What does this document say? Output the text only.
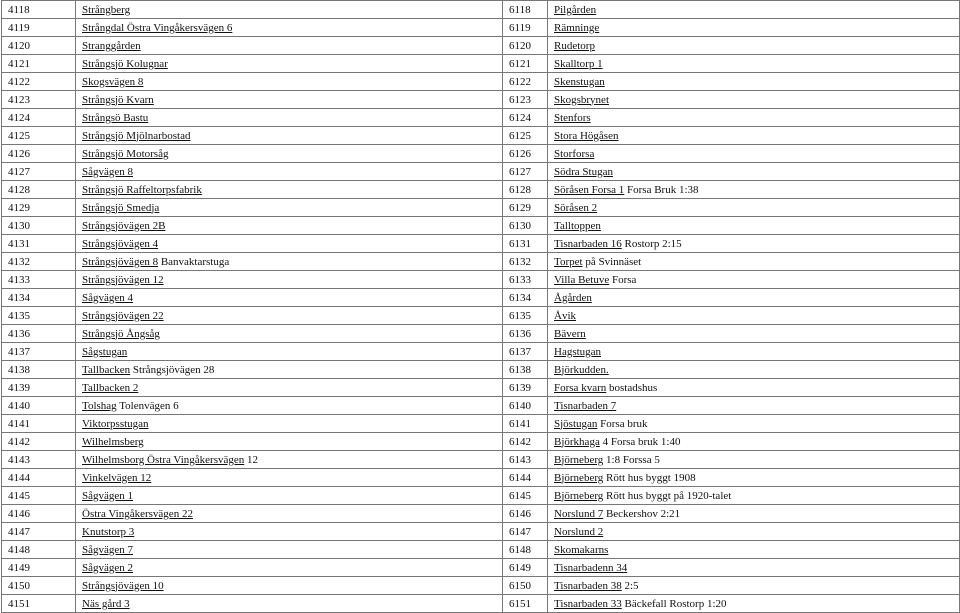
4118	Strångberg	6118	Pilgården
4119	Strångdal Östra Vingåkersvägen 6	6119	Rämninge
4120	Stranggården	6120	Rudetorp
4121	Strångsjö Kolugnar	6121	Skalltorp 1
4122	Skogsvägen 8	6122	Skenstugan
4123	Strångsjö Kvarn	6123	Skogsbrynet
4124	Strångsö Bastu	6124	Stenfors
4125	Strångsjö Mjölnarbostad	6125	Stora Högåsen
4126	Strångsjö Motorsåg	6126	Storforsa
4127	Sågvägen 8	6127	Södra Stugan
4128	Strångsjö Raffeltorpsfabrik	6128	Söråsen Forsa 1 Forsa Bruk 1:38
4129	Strångsjö Smedja	6129	Söråsen 2
4130	Strångsjövägen 2B	6130	Talltoppen
4131	Strångsjövägen 4	6131	Tisnarbaden 16 Rostorp 2:15
4132	Strångsjövägen 8 Banvaktarstuga	6132	Torpet på Svinnäset
4133	Strångsjövägen 12	6133	Villa Betuve Forsa
4134	Sågvägen 4	6134	Ågården
4135	Strångsjövägen 22	6135	Åvik
4136	Strångsjö Ångsåg	6136	Bävern
4137	Sågstugan	6137	Hagstugan
4138	Tallbacken Strångsjövägen 28	6138	Björkudden.
4139	Tallbacken 2	6139	Forsa kvarn bostadshus
4140	Tolshag Tolenvägen 6	6140	Tisnarbaden 7
4141	Viktorpsstugan	6141	Sjöstugan Forsa bruk
4142	Wilhelmsberg	6142	Björkhaga 4 Forsa bruk 1:40
4143	Wilhelmsborg Östra Vingåkersvägen 12	6143	Björneberg 1:8 Forssa 5
4144	Vinkelvägen 12	6144	Björneberg Rött hus byggt 1908
4145	Sågvägen 1	6145	Björneberg Rött hus byggt på 1920-talet
4146	Östra Vingåkersvägen 22	6146	Norslund 7 Beckershov 2:21
4147	Knutstorp 3	6147	Norslund 2
4148	Sågvägen 7	6148	Skomakarns
4149	Sågvägen 2	6149	Tisnarbadenn 34
4150	Strångsjövägen 10	6150	Tisnarbaden 38 2:5
4151	Näs gård 3	6151	Tisnarbaden 33 Bäckefall Rostorp 1:20
